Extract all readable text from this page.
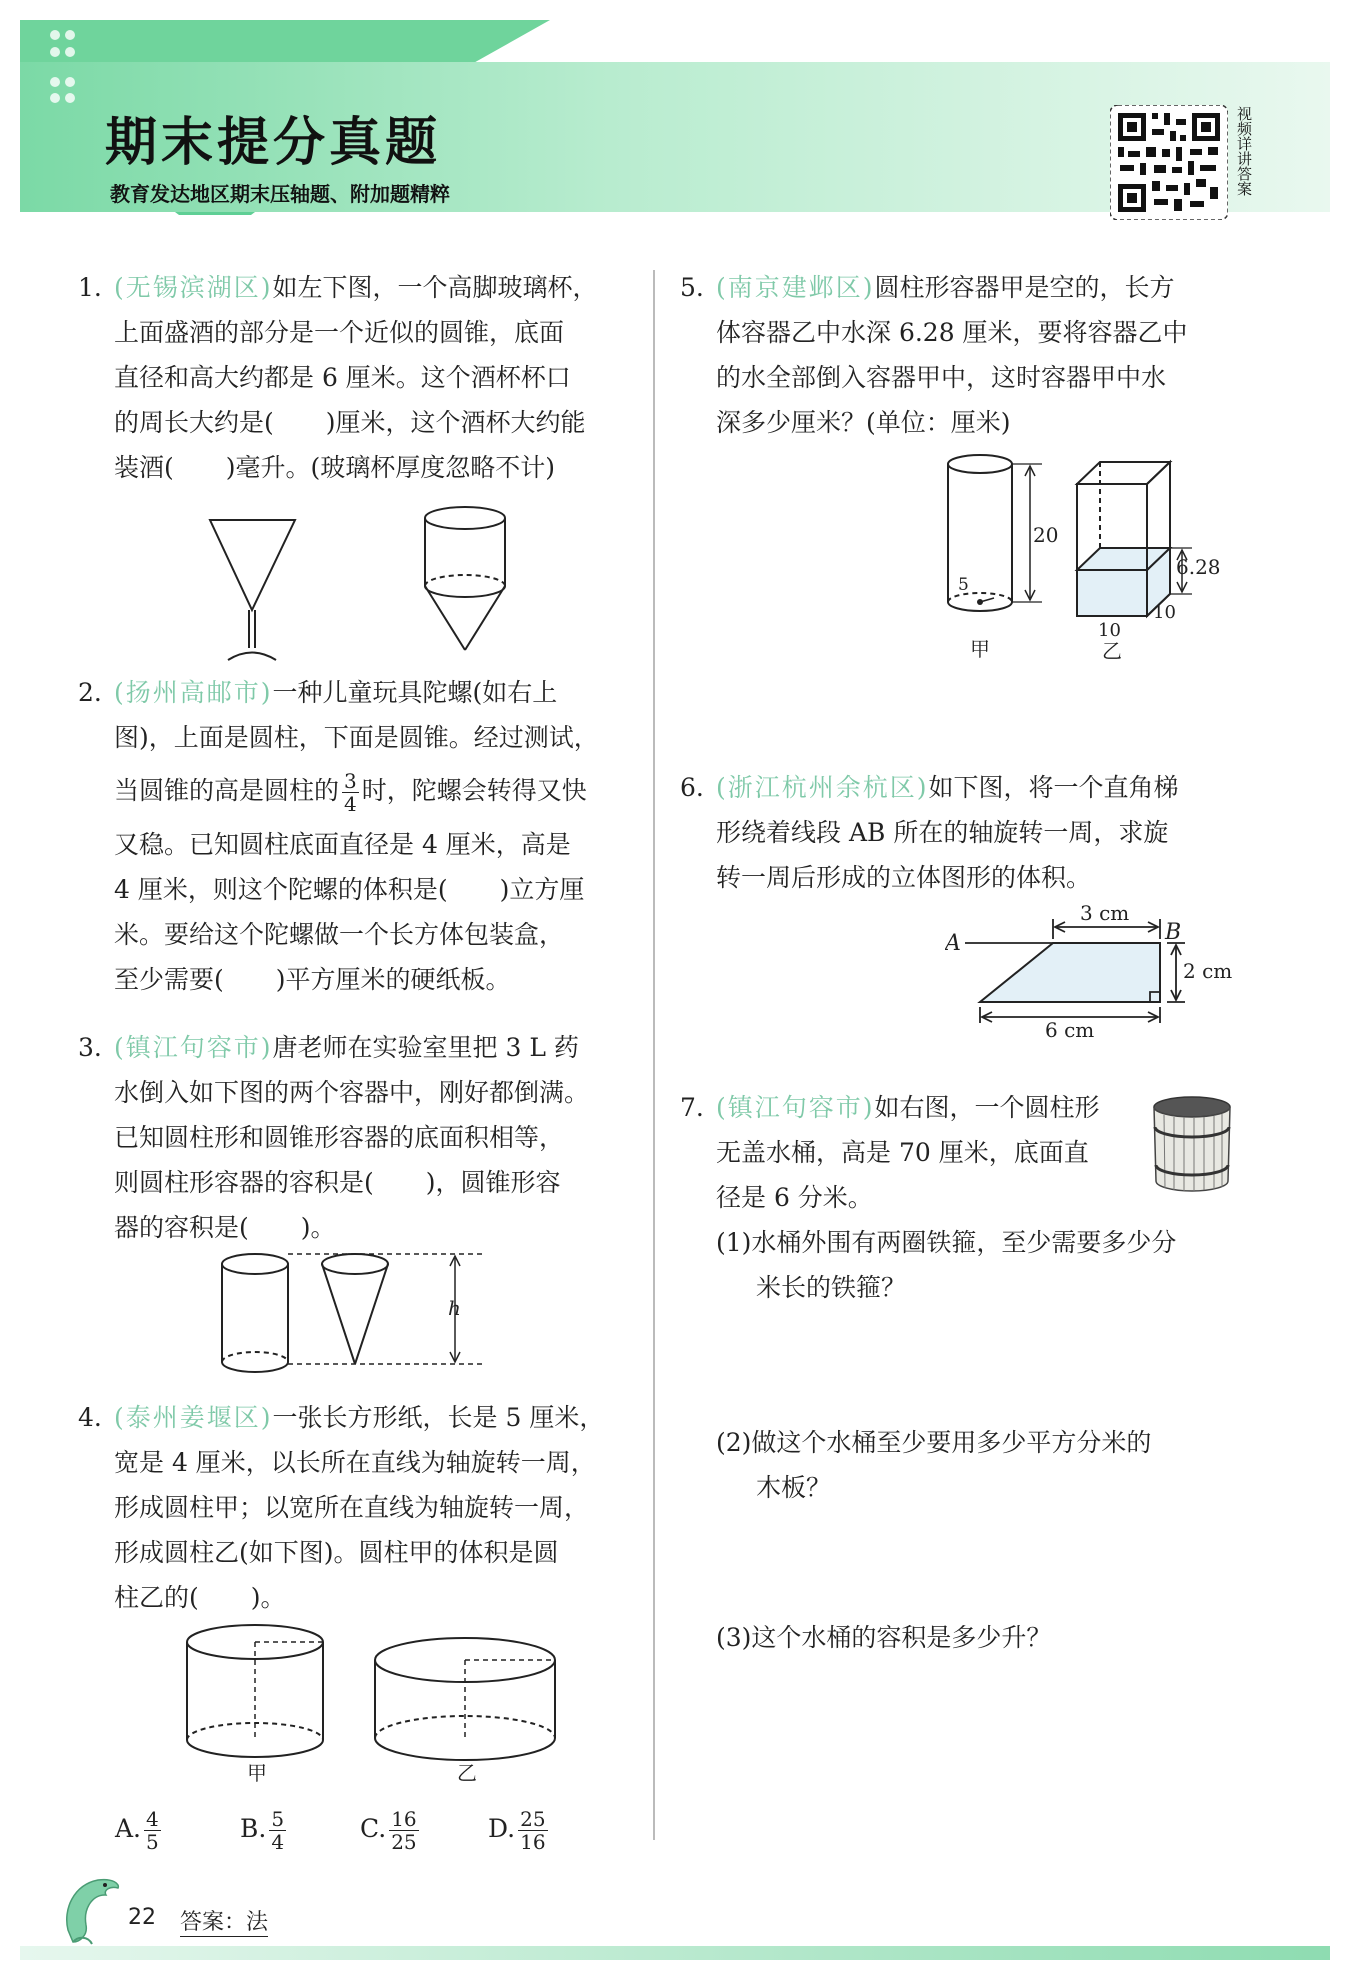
期末提分真题
教育发达地区期末压轴题、附加题精粹	视频详讲答案

1. (无锡滨湖区)如左下图，一个高脚玻璃杯，

上面盛酒的部分是一个近似的圆锥，底面

直径和高大约都是 6 厘米。这个酒杯杯口

的周长大约是( )厘米，这个酒杯大约能

装酒( )毫升。(玻璃杯厚度忽略不计)

2. (扬州高邮市)一种儿童玩具陀螺(如右上

图)，上面是圆柱，下面是圆锥。经过测试，

当圆锥的高是圆柱的 $\frac{3}{4}$ 时，陀螺会转得又快

又稳。已知圆柱底面直径是 4 厘米，高是

4 厘米，则这个陀螺的体积是( )立方厘

米。要给这个陀螺做一个长方体包装盒，

至少需要( )平方厘米的硬纸板。

3. (镇江句容市)唐老师在实验室里把 3 L 药

水倒入如下图的两个容器中，刚好都倒满。

已知圆柱形和圆锥形容器的底面积相等，

则圆柱形容器的容积是( )，圆锥形容

器的容积是( )。

h

4. (泰州姜堰区)一张长方形纸，长是 5 厘米，

宽是 4 厘米，以长所在直线为轴旋转一周，

形成圆柱甲；以宽所在直线为轴旋转一周，

形成圆柱乙(如下图)。圆柱甲的体积是圆

柱乙的( )。

甲	乙
A. $\frac{4}{5}$	B. $\frac{5}{4}$	C. $\frac{16}{25}$	D. $\frac{25}{16}$

5. (南京建邺区)圆柱形容器甲是空的，长方

体容器乙中水深 6.28 厘米，要将容器乙中

的水全部倒入容器甲中，这时容器甲中水

深多少厘米？(单位：厘米)

20
5
6.28
10
10
甲	乙

6. (浙江杭州余杭区)如下图，将一个直角梯

形绕着线段 AB 所在的轴旋转一周，求旋

转一周后形成的立体图形的体积。

A	B
3 cm
2 cm
6 cm

7. (镇江句容市)如右图，一个圆柱形

无盖水桶，高是 70 厘米，底面直

径是 6 分米。

(1)水桶外围有两圈铁箍，至少需要多少分

米长的铁箍？

(2)做这个水桶至少要用多少平方分米的

木板？

(3)这个水桶的容积是多少升？

22 答案：法
